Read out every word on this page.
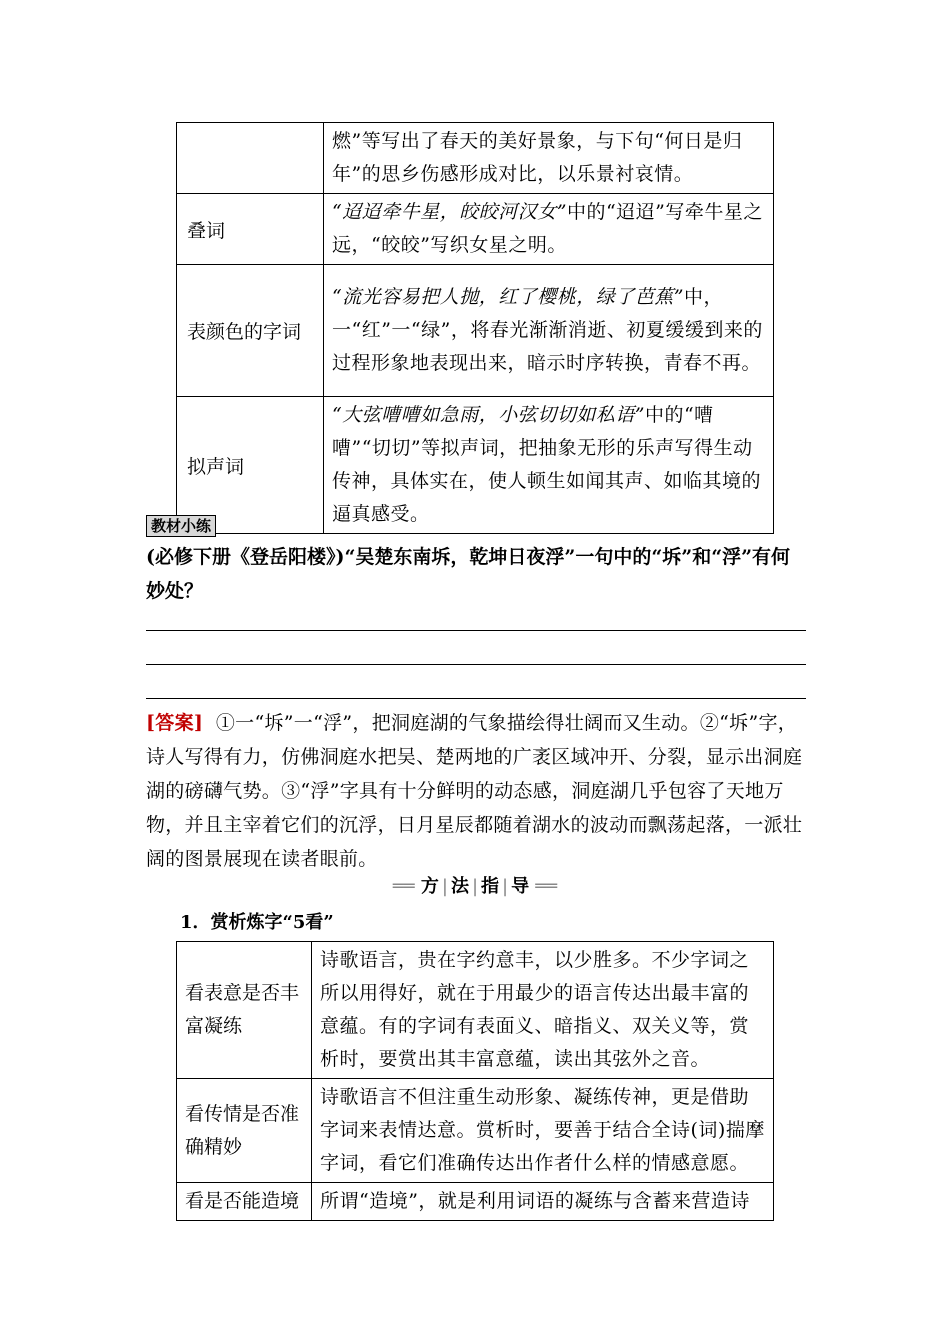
	燃”等写出了春天的美好景象，与下句“何日是归年”的思乡伤感形成对比，以乐景衬哀情。
叠词	“迢迢牵牛星，皎皎河汉女”中的“迢迢”写牵牛星之远，“皎皎”写织女星之明。
表颜色的字词	“流光容易把人抛，红了樱桃，绿了芭蕉”中，一“红”一“绿”，将春光渐渐消逝、初夏缓缓到来的过程形象地表现出来，暗示时序转换，青春不再。
拟声词	“大弦嘈嘈如急雨，小弦切切如私语”中的“嘈嘈”“切切”等拟声词，把抽象无形的乐声写得生动传神，具体实在，使人顿生如闻其声、如临其境的逼真感受。
教材小练
(必修下册《登岳阳楼》)“吴楚东南坼，乾坤日夜浮”一句中的“坼”和“浮”有何妙处？
[答案] ①一“坼”一“浮”，把洞庭湖的气象描绘得壮阔而又生动。②“坼”字，诗人写得有力，仿佛洞庭水把吴、楚两地的广袤区域冲开、分裂，显示出洞庭湖的磅礴气势。③“浮”字具有十分鲜明的动态感，洞庭湖几乎包容了天地万物，并且主宰着它们的沉浮，日月星辰都随着湖水的波动而飘荡起落，一派壮阔的图景展现在读者眼前。
══ 方 | 法 | 指 | 导 ══
1．赏析炼字“5看”
看表意是否丰富凝练	诗歌语言，贵在字约意丰，以少胜多。不少字词之所以用得好，就在于用最少的语言传达出最丰富的意蕴。有的字词有表面义、暗指义、双关义等，赏析时，要赏出其丰富意蕴，读出其弦外之音。
看传情是否准确精妙	诗歌语言不但注重生动形象、凝练传神，更是借助字词来表情达意。赏析时，要善于结合全诗(词)揣摩字词，看它们准确传达出作者什么样的情感意愿。
看是否能造境	所谓“造境”，就是利用词语的凝练与含蓄来营造诗
